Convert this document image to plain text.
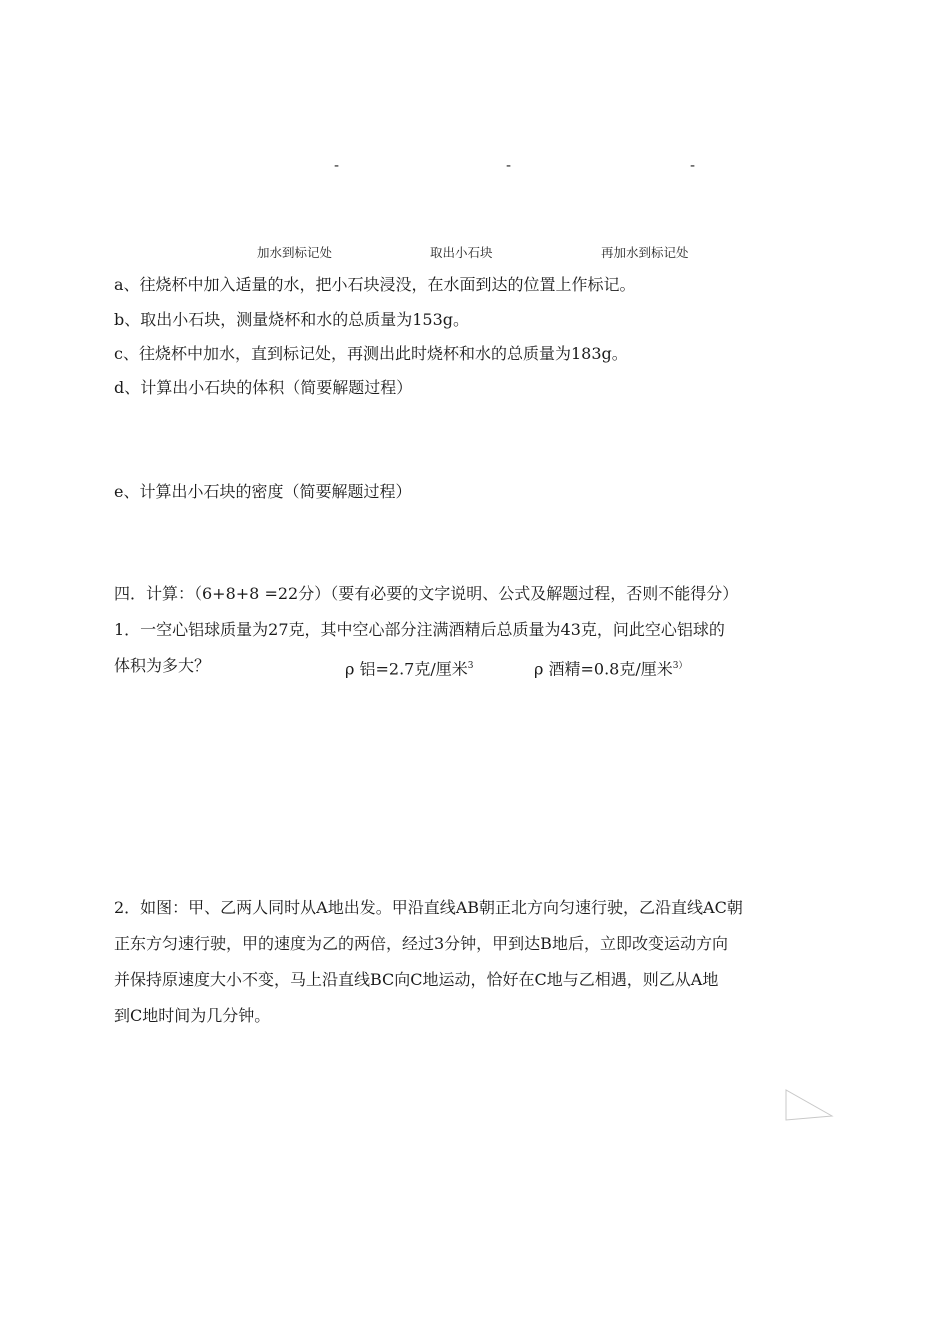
-	-	-
加水到标记处	取出小石块	再加水到标记处
a、往烧杯中加入适量的水，把小石块浸没，在水面到达的位置上作标记。
b、取出小石块，测量烧杯和水的总质量为153g。
c、往烧杯中加水，直到标记处，再测出此时烧杯和水的总质量为183g。
d、计算出小石块的体积（简要解题过程）
e、计算出小石块的密度（简要解题过程）
四．计算：（6+8+8 =22分）（要有必要的文字说明、公式及解题过程，否则不能得分）
1．一空心铝球质量为27克，其中空心部分注满酒精后总质量为43克，问此空心铝球的
体积为多大？	ρ 铝=2.7克/厘米$^3$	ρ 酒精=0.8克/厘米$^{3)}$
2．如图：甲、乙两人同时从A地出发。甲沿直线AB朝正北方向匀速行驶，乙沿直线AC朝
正东方匀速行驶，甲的速度为乙的两倍，经过3分钟，甲到达B地后，立即改变运动方向
并保持原速度大小不变，马上沿直线BC向C地运动，恰好在C地与乙相遇，则乙从A地
到C地时间为几分钟。
